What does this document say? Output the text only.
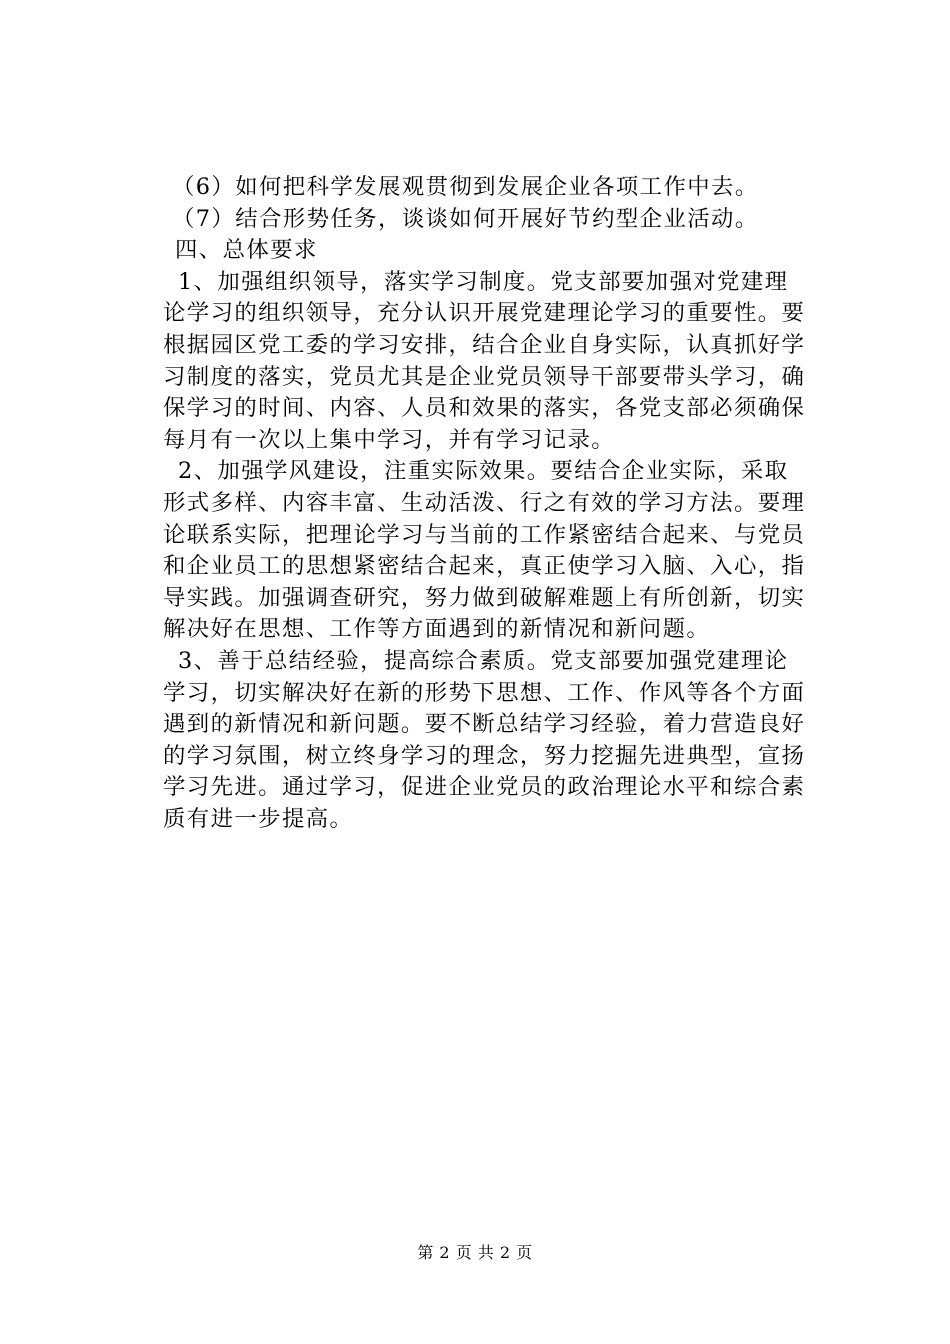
（6）如何把科学发展观贯彻到发展企业各项工作中去。
（7）结合形势任务，谈谈如何开展好节约型企业活动。
四、总体要求
1、加强组织领导，落实学习制度。党支部要加强对党建理
论学习的组织领导，充分认识开展党建理论学习的重要性。要
根据园区党工委的学习安排，结合企业自身实际，认真抓好学
习制度的落实，党员尤其是企业党员领导干部要带头学习，确
保学习的时间、内容、人员和效果的落实，各党支部必须确保
每月有一次以上集中学习，并有学习记录。
2、加强学风建设，注重实际效果。要结合企业实际，采取
形式多样、内容丰富、生动活泼、行之有效的学习方法。要理
论联系实际，把理论学习与当前的工作紧密结合起来、与党员
和企业员工的思想紧密结合起来，真正使学习入脑、入心，指
导实践。加强调查研究，努力做到破解难题上有所创新，切实
解决好在思想、工作等方面遇到的新情况和新问题。
3、善于总结经验，提高综合素质。党支部要加强党建理论
学习，切实解决好在新的形势下思想、工作、作风等各个方面
遇到的新情况和新问题。要不断总结学习经验，着力营造良好
的学习氛围，树立终身学习的理念，努力挖掘先进典型，宣扬
学习先进。通过学习，促进企业党员的政治理论水平和综合素
质有进一步提高。
第 2 页 共 2 页
